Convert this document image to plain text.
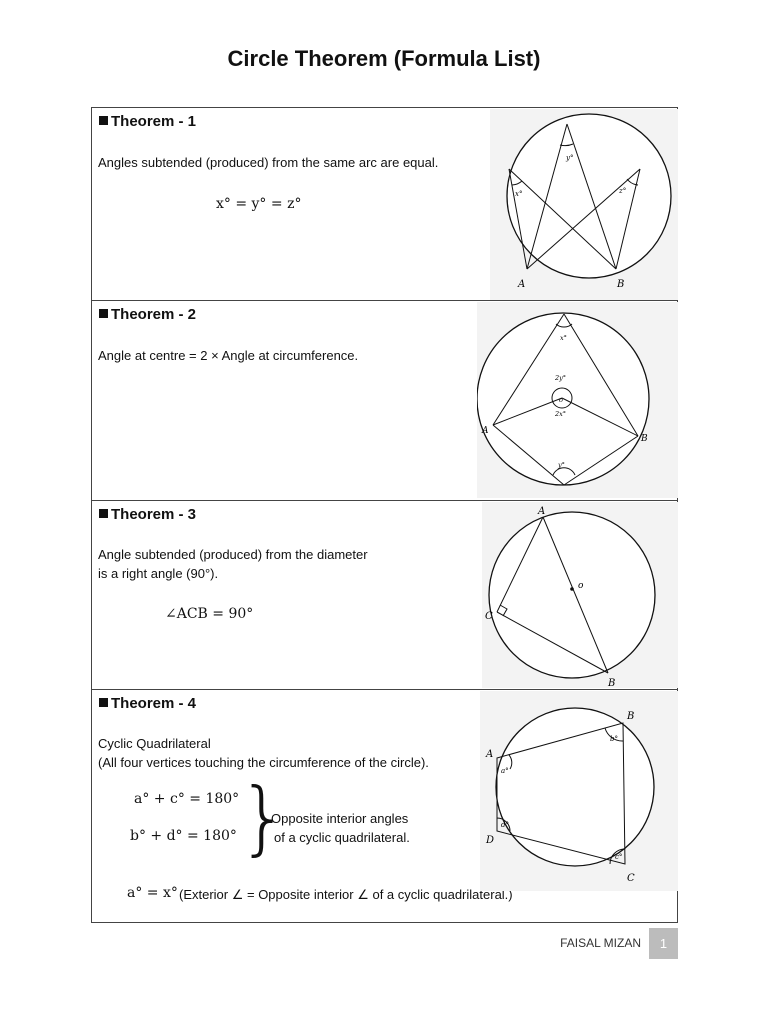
Circle Theorem (Formula List)
Theorem - 1
Angles subtended (produced) from the same arc are equal.
x° = y° = z°
y°
x°	z°
A	B
Theorem - 2
Angle at centre = 2 × Angle at circumference.
x°
2y°
o
2x°
y°
A
B
Theorem - 3
Angle subtended (produced) from the diameter
is a right angle (90°).
∠ACB = 90°
o
A
C
B
Theorem - 4
Cyclic Quadrilateral
(All four vertices touching the circumference of the circle).
a° + c° = 180°
b° + d° = 180° }
Opposite interior angles
of a cyclic quadrilateral.
a° = x° (Exterior ∠ = Opposite interior ∠ of a cyclic quadrilateral.)
a°
b°
c°
d°
A
B
C
D
FAISAL MIZAN	1
